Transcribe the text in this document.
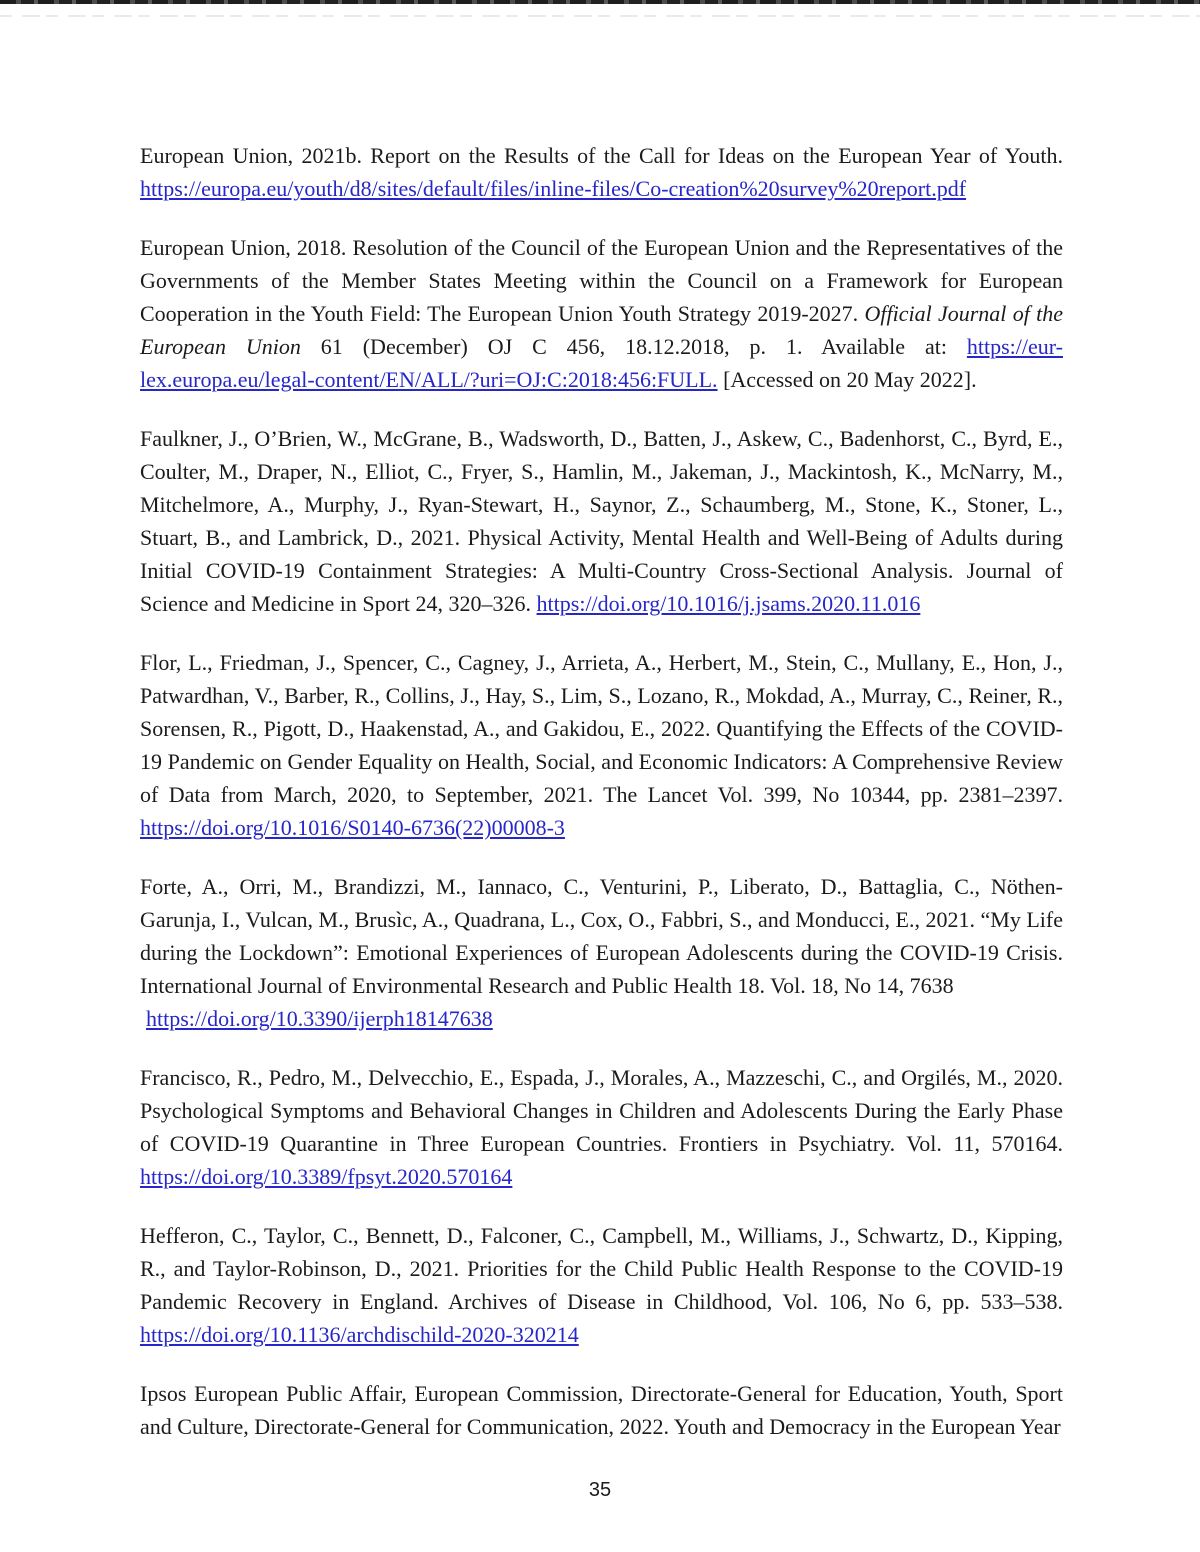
European Union, 2021b. Report on the Results of the Call for Ideas on the European Year of Youth. https://europa.eu/youth/d8/sites/default/files/inline-files/Co-creation%20survey%20report.pdf

European Union, 2018. Resolution of the Council of the European Union and the Representatives of the Governments of the Member States Meeting within the Council on a Framework for European Cooperation in the Youth Field: The European Union Youth Strategy 2019-2027. Official Journal of the European Union 61 (December) OJ C 456, 18.12.2018, p. 1. Available at: https://eur-lex.europa.eu/legal-content/EN/ALL/?uri=OJ:C:2018:456:FULL. [Accessed on 20 May 2022].

Faulkner, J., O’Brien, W., McGrane, B., Wadsworth, D., Batten, J., Askew, C., Badenhorst, C., Byrd, E., Coulter, M., Draper, N., Elliot, C., Fryer, S., Hamlin, M., Jakeman, J., Mackintosh, K., McNarry, M., Mitchelmore, A., Murphy, J., Ryan-Stewart, H., Saynor, Z., Schaumberg, M., Stone, K., Stoner, L., Stuart, B., and Lambrick, D., 2021. Physical Activity, Mental Health and Well-Being of Adults during Initial COVID-19 Containment Strategies: A Multi-Country Cross-Sectional Analysis. Journal of Science and Medicine in Sport 24, 320–326. https://doi.org/10.1016/j.jsams.2020.11.016

Flor, L., Friedman, J., Spencer, C., Cagney, J., Arrieta, A., Herbert, M., Stein, C., Mullany, E., Hon, J., Patwardhan, V., Barber, R., Collins, J., Hay, S., Lim, S., Lozano, R., Mokdad, A., Murray, C., Reiner, R., Sorensen, R., Pigott, D., Haakenstad, A., and Gakidou, E., 2022. Quantifying the Effects of the COVID-19 Pandemic on Gender Equality on Health, Social, and Economic Indicators: A Comprehensive Review of Data from March, 2020, to September, 2021. The Lancet Vol. 399, No 10344, pp. 2381–2397. https://doi.org/10.1016/S0140-6736(22)00008-3

Forte, A., Orri, M., Brandizzi, M., Iannaco, C., Venturini, P., Liberato, D., Battaglia, C., Nöthen-Garunja, I., Vulcan, M., Brusìc, A., Quadrana, L., Cox, O., Fabbri, S., and Monducci, E., 2021. “My Life during the Lockdown”: Emotional Experiences of European Adolescents during the COVID-19 Crisis. International Journal of Environmental Research and Public Health 18. Vol. 18, No 14, 7638
https://doi.org/10.3390/ijerph18147638

Francisco, R., Pedro, M., Delvecchio, E., Espada, J., Morales, A., Mazzeschi, C., and Orgilés, M., 2020. Psychological Symptoms and Behavioral Changes in Children and Adolescents During the Early Phase of COVID-19 Quarantine in Three European Countries. Frontiers in Psychiatry. Vol. 11, 570164. https://doi.org/10.3389/fpsyt.2020.570164

Hefferon, C., Taylor, C., Bennett, D., Falconer, C., Campbell, M., Williams, J., Schwartz, D., Kipping, R., and Taylor-Robinson, D., 2021. Priorities for the Child Public Health Response to the COVID-19 Pandemic Recovery in England. Archives of Disease in Childhood, Vol. 106, No 6, pp. 533–538. https://doi.org/10.1136/archdischild-2020-320214

Ipsos European Public Affair, European Commission, Directorate-General for Education, Youth, Sport and Culture, Directorate-General for Communication, 2022. Youth and Democracy in the European Year

35
